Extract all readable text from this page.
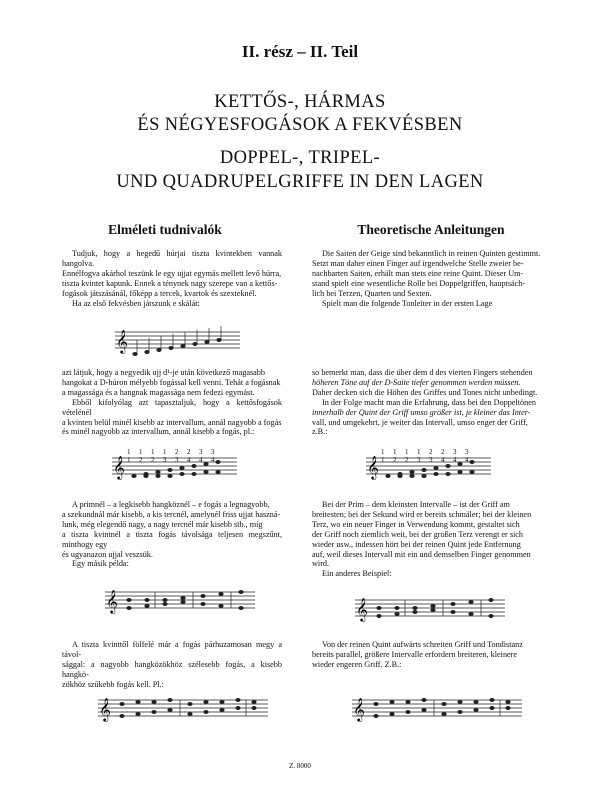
II. rész – II. Teil
KETTŐS-, HÁRMAS
ÉS NÉGYESFOGÁSOK A FEKVÉSBEN
DOPPEL-, TRIPEL-
UND QUADRUPELGRIFFE IN DEN LAGEN
Elméleti tudnivalók	Theoretische Anleitungen
Tudjuk, hogy a hegedű húrjai tiszta kvintekben vannak hangolva.
Ennélfogva akárhol teszünk le egy ujjat egymás mellett levő húrra,
tiszta kvintet kapunk. Ennek a ténynek nagy szerepe van a kettős-
fogások játszásánál, főképp a tercek, kvartok és szexteknél.
Ha az első fekvésben játszunk e skálát:
𝄞
azt látjuk, hogy a negyedik ujj d¹-je után következő magasabb
hangokat a D-húron mélyebb fogással kell venni. Tehát a fogásnak
a magassága és a hangnak magassága nem fedezi egymást.
Ebből kifolyólag azt tapasztaljuk, hogy a kettősfogások vételénél
a kvinten belül minél kisebb az intervallum, annál nagyobb a fogás
és minél nagyobb az intervallum, annál kisebb a fogás, pl.:
𝄞
1 1 1 1 2 2 3 3
1 2 2 3 3 4 4 4
A primnél – a legkisebb hangköznél – e fogás a legnagyobb,
a szekundnál már kisebb, a kis tercnél, amelynél friss ujjat haszná-
lunk, még elegendő nagy, a nagy tercnél már kisebb stb., míg
a tiszta kvintnél a tiszta fogás távolsága teljesen megszűnt, minthogy egy
és ugyanazon ujjal veszsük.
Egy másik példa:
𝄞
A tiszta kvinttől fölfelé már a fogás párhuzamosan megy a távol-
sággal: a nagyobb hangközökhöz szélesebb fogás, a kisebb hangkö-
zökhöz szűkebb fogás kell. Pl.:
𝄞
Die Saiten der Geige sind bekanntlich in reinen Quinten gestimmt.
Setzt man daher einen Finger auf irgendwelche Stelle zweier be-
nachbarten Saiten, erhält man stets eine reine Quint. Dieser Um-
stand spielt eine wesentliche Rolle bei Doppelgriffen, hauptsäch-
lich bei Terzen, Quarten und Sexten.
Spielt man die folgende Tonleiter in der ersten Lage
so bemerkt man, dass die über dem d des vierten Fingers stehenden
höheren Töne auf der D-Saite tiefer genommen werden müssen.
Daher decken sich die Höhen des Griffes und Tones nicht unbedingt.
In der Folge macht man die Erfahrung, dass bei den Doppeltönen
innerhalb der Quint der Griff umso größer ist, je kleiner das Inter-
vall, und umgekehrt, je weiter das Intervall, umso enger der Griff,
z.B.:
𝄞
1 1 1 1 2 2 3 3
1 2 2 3 3 4 4 4
Bei der Prim – dem kleinsten Intervalle – ist der Griff am
breitesten; bei der Sekund wird er bereits schmäler; bei der kleinen
Terz, wo ein neuer Finger in Verwendung kommt, gestaltet sich
der Griff noch ziemlich weit, bei der großen Terz verengt er sich
wieder usw., indessen hört bei der reinen Quint jede Entfernung
auf, weil dieses Intervall mit ein und demselben Finger genommen
wird.
Ein anderes Beispiel:
𝄞
Von der reinen Quint aufwärts schreiten Griff und Tondistanz
bereits parallel, größere Intervalle erfordern breiteren, kleinere
wieder engeren Griff. Z.B.:
𝄞
Z. 8000
